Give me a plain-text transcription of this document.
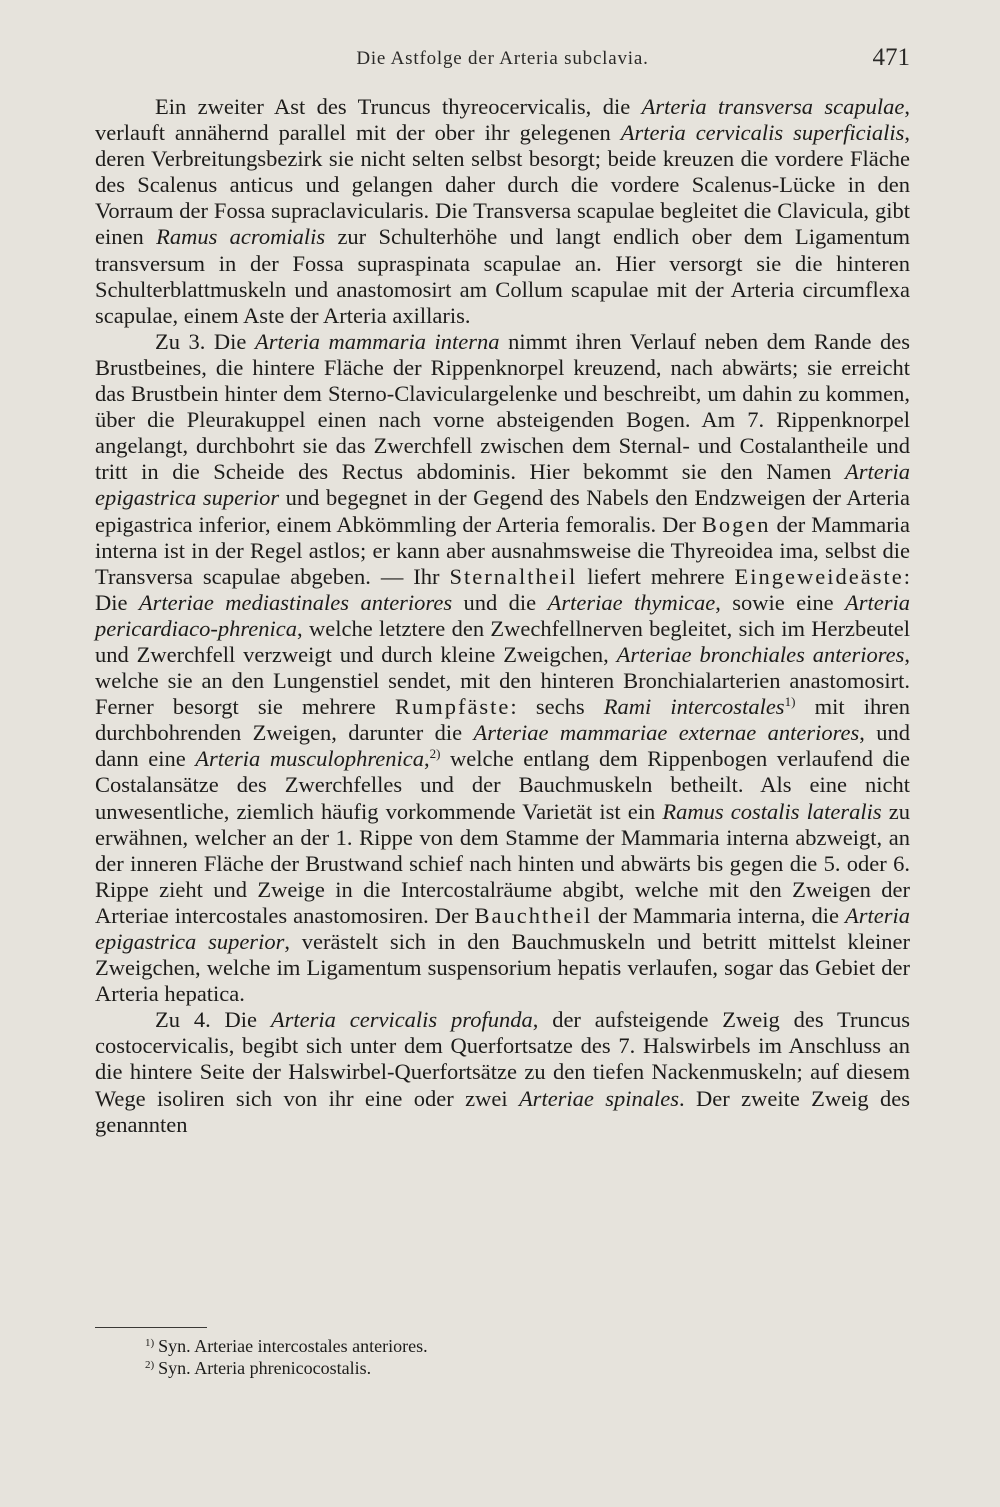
Die Astfolge der Arteria subclavia.	471

Ein zweiter Ast des Truncus thyreocervicalis, die Arteria transversa scapulae, verlauft annähernd parallel mit der ober ihr gelegenen Arteria cervicalis superficialis, deren Verbreitungsbezirk sie nicht selten selbst besorgt; beide kreuzen die vordere Fläche des Scalenus anticus und gelangen daher durch die vordere Scalenus-Lücke in den Vorraum der Fossa supraclavicularis. Die Transversa scapulae begleitet die Clavicula, gibt einen Ramus acromialis zur Schulterhöhe und langt endlich ober dem Ligamentum transversum in der Fossa supraspinata scapulae an. Hier versorgt sie die hinteren Schulterblattmuskeln und anastomosirt am Collum scapulae mit der Arteria circumflexa scapulae, einem Aste der Arteria axillaris.

Zu 3. Die Arteria mammaria interna nimmt ihren Verlauf neben dem Rande des Brustbeines, die hintere Fläche der Rippenknorpel kreuzend, nach abwärts; sie erreicht das Brustbein hinter dem Sterno-Claviculargelenke und beschreibt, um dahin zu kommen, über die Pleurakuppel einen nach vorne absteigenden Bogen. Am 7. Rippenknorpel angelangt, durchbohrt sie das Zwerchfell zwischen dem Sternal- und Costalantheile und tritt in die Scheide des Rectus abdominis. Hier bekommt sie den Namen Arteria epigastrica superior und begegnet in der Gegend des Nabels den Endzweigen der Arteria epigastrica inferior, einem Abkömmling der Arteria femoralis. Der Bogen der Mammaria interna ist in der Regel astlos; er kann aber ausnahmsweise die Thyreoidea ima, selbst die Transversa scapulae abgeben. — Ihr Sternaltheil liefert mehrere Eingeweideäste: Die Arteriae mediastinales anteriores und die Arteriae thymicae, sowie eine Arteria pericardiaco-phrenica, welche letztere den Zwechfellnerven begleitet, sich im Herzbeutel und Zwerchfell verzweigt und durch kleine Zweigchen, Arteriae bronchiales anteriores, welche sie an den Lungenstiel sendet, mit den hinteren Bronchialarterien anastomosirt. Ferner besorgt sie mehrere Rumpfäste: sechs Rami intercostales$^{1)}$ mit ihren durchbohrenden Zweigen, darunter die Arteriae mammariae externae anteriores, und dann eine Arteria musculophrenica,$^{2)}$ welche entlang dem Rippenbogen verlaufend die Costalansätze des Zwerchfelles und der Bauchmuskeln betheilt. Als eine nicht unwesentliche, ziemlich häufig vorkommende Varietät ist ein Ramus costalis lateralis zu erwähnen, welcher an der 1. Rippe von dem Stamme der Mammaria interna abzweigt, an der inneren Fläche der Brustwand schief nach hinten und abwärts bis gegen die 5. oder 6. Rippe zieht und Zweige in die Intercostalräume abgibt, welche mit den Zweigen der Arteriae intercostales anastomosiren. Der Bauchtheil der Mammaria interna, die Arteria epigastrica superior, verästelt sich in den Bauchmuskeln und betritt mittelst kleiner Zweigchen, welche im Ligamentum suspensorium hepatis verlaufen, sogar das Gebiet der Arteria hepatica.

Zu 4. Die Arteria cervicalis profunda, der aufsteigende Zweig des Truncus costocervicalis, begibt sich unter dem Querfortsatze des 7. Halswirbels im Anschluss an die hintere Seite der Halswirbel-Querfortsätze zu den tiefen Nackenmuskeln; auf diesem Wege isoliren sich von ihr eine oder zwei Arteriae spinales. Der zweite Zweig des genannten

$^{1)}$ Syn. Arteriae intercostales anteriores.

$^{2)}$ Syn. Arteria phrenicocostalis.
